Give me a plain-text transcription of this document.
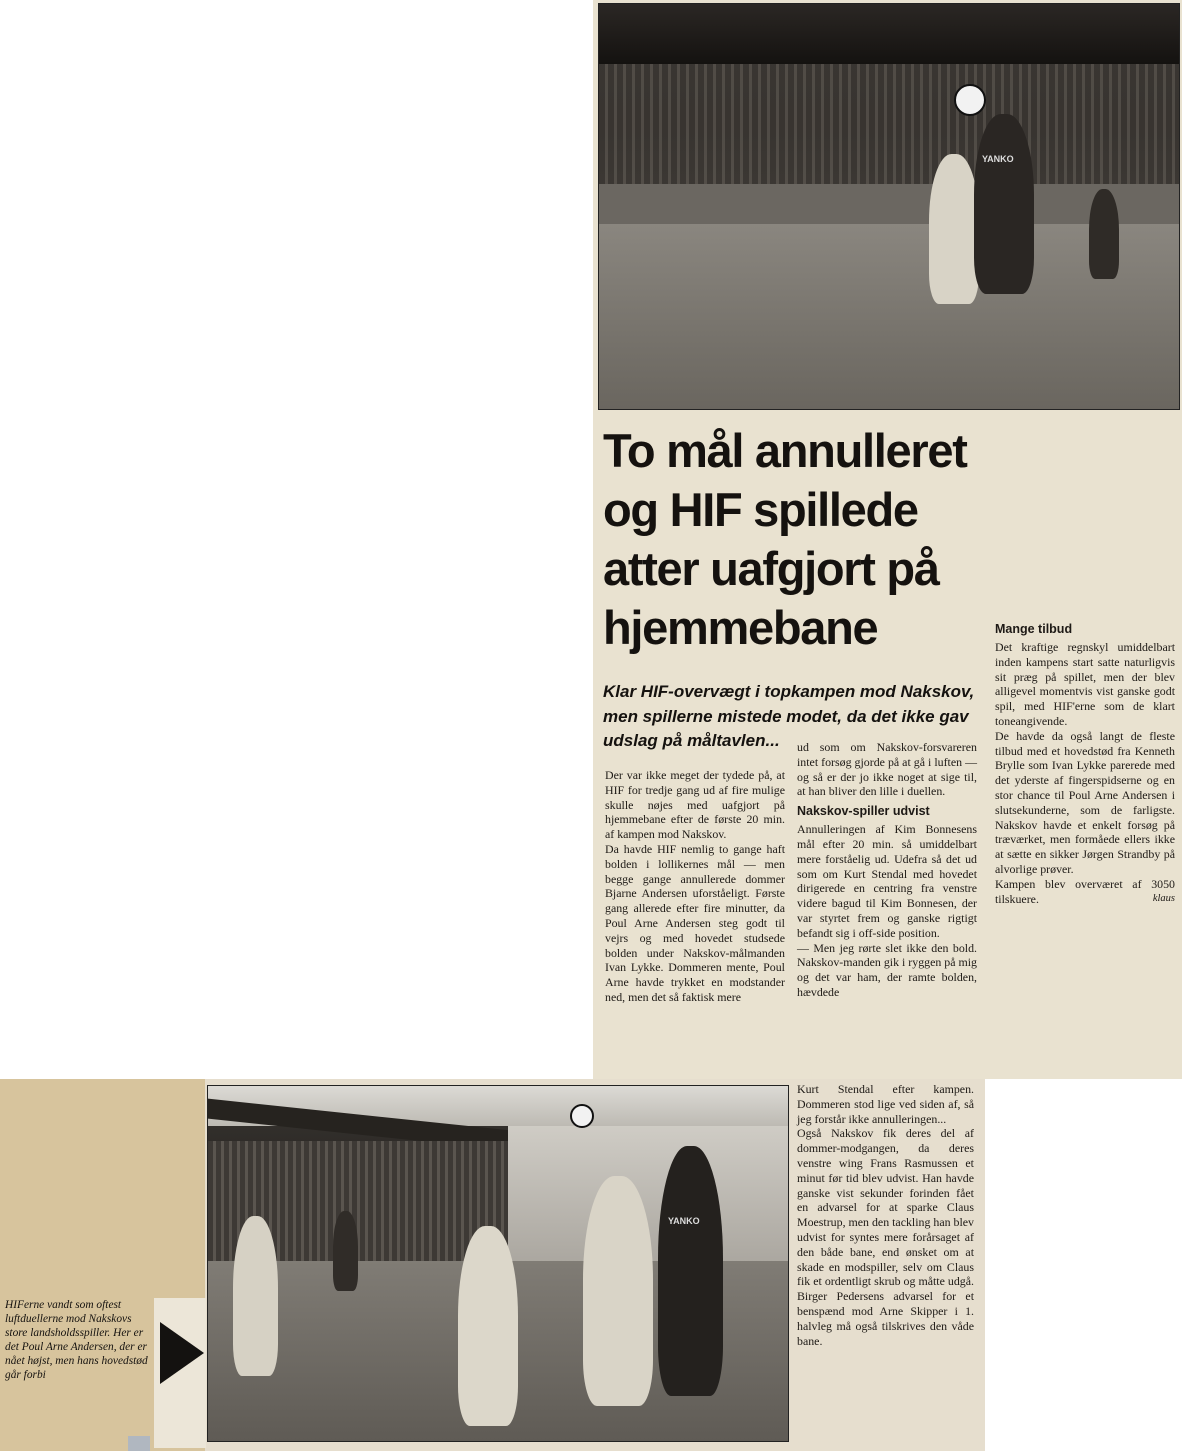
YANKO
To mål annulleret
og HIF spillede
atter uafgjort på
hjemmebane
Klar HIF-overvægt i topkampen mod Nakskov, men spillerne mistede modet, da det ikke gav udslag på måltavlen...

Der var ikke meget der tydede på, at HIF for tredje gang ud af fire mulige skulle nøjes med uafgjort på hjemmebane efter de første 20 min. af kampen mod Nakskov.

Da havde HIF nemlig to gange haft bolden i lollikernes mål — men begge gange annullerede dommer Bjarne Andersen uforståeligt. Første gang allerede efter fire minutter, da Poul Arne Andersen steg godt til vejrs og med hovedet studsede bolden under Nakskov-målmanden Ivan Lykke. Dommeren mente, Poul Arne havde trykket en modstander ned, men det så faktisk mere

ud som om Nakskov-forsvareren intet forsøg gjorde på at gå i luften — og så er der jo ikke noget at sige til, at han bliver den lille i duellen.

Nakskov-spiller udvist

Annulleringen af Kim Bonnesens mål efter 20 min. så umiddelbart mere forståelig ud. Udefra så det ud som om Kurt Stendal med hovedet dirigerede en centring fra venstre videre bagud til Kim Bonnesen, der var styrtet frem og ganske rigtigt befandt sig i off-side position.

— Men jeg rørte slet ikke den bold. Nakskov-manden gik i ryggen på mig og det var ham, der ramte bolden, hævdede

Mange tilbud

Det kraftige regnskyl umiddelbart inden kampens start satte naturligvis sit præg på spillet, men der blev alligevel momentvis vist ganske godt spil, med HIF'erne som de klart toneangivende.

De havde da også langt de fleste tilbud med et hovedstød fra Kenneth Brylle som Ivan Lykke parerede med det yderste af fingerspidserne og en stor chance til Poul Arne Andersen i slutsekunderne, som de farligste. Nakskov havde et enkelt forsøg på træværket, men formåede ellers ikke at sætte en sikker Jørgen Strandby på alvorlige prøver.

Kampen blev overværet af 3050 tilskuere.	klaus
YANKO

Kurt Stendal efter kampen. Dommeren stod lige ved siden af, så jeg forstår ikke annulleringen...

Også Nakskov fik deres del af dommer-modgangen, da deres venstre wing Frans Rasmussen et minut før tid blev udvist. Han havde ganske vist sekunder forinden fået en advarsel for at sparke Claus Moestrup, men den tackling han blev udvist for syntes mere forårsaget af den både bane, end ønsket om at skade en modspiller, selv om Claus fik et ordentligt skrub og måtte udgå. Birger Pedersens advarsel for et benspænd mod Arne Skipper i 1. halvleg må også tilskrives den våde bane.

HIFerne vandt som oftest luftduellerne mod Nakskovs store landsholdsspiller. Her er det Poul Arne Andersen, der er nået højst, men hans hovedstød går forbi
